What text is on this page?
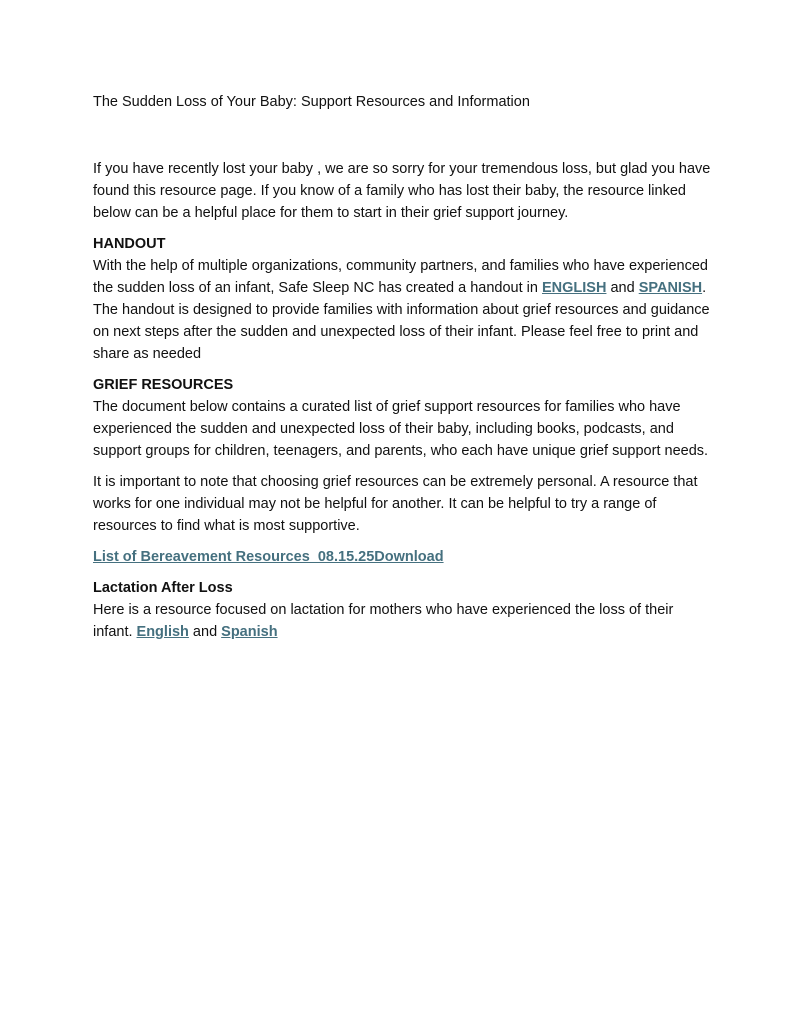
The Sudden Loss of Your Baby: Support Resources and Information

If you have recently lost your baby , we are so sorry for your tremendous loss, but glad you have found this resource page. If you know of a family who has lost their baby, the resource linked below can be a helpful place for them to start in their grief support journey.

HANDOUT

With the help of multiple organizations, community partners, and families who have experienced the sudden loss of an infant, Safe Sleep NC has created a handout in ENGLISH and SPANISH. The handout is designed to provide families with information about grief resources and guidance on next steps after the sudden and unexpected loss of their infant. Please feel free to print and share as needed

GRIEF RESOURCES

The document below contains a curated list of grief support resources for families who have experienced the sudden and unexpected loss of their baby, including books, podcasts, and support groups for children, teenagers, and parents, who each have unique grief support needs.

It is important to note that choosing grief resources can be extremely personal. A resource that works for one individual may not be helpful for another. It can be helpful to try a range of resources to find what is most supportive.

List of Bereavement Resources_08.15.25Download

Lactation After Loss

Here is a resource focused on lactation for mothers who have experienced the loss of their infant. English and Spanish
